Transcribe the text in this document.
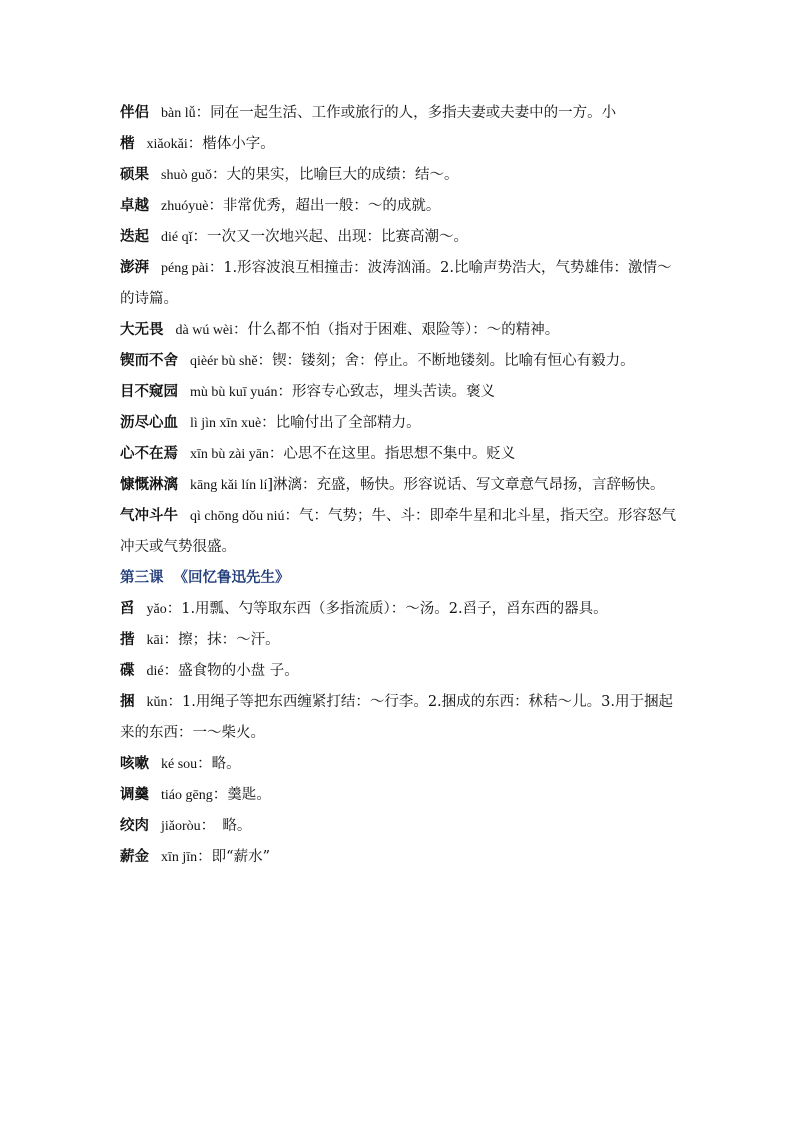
伴侣 bàn lǚ：同在一起生活、工作或旅行的人，多指夫妻或夫妻中的一方。小

楷 xiǎokǎi：楷体小字。

硕果 shuò guǒ：大的果实，比喻巨大的成绩：结～。

卓越 zhuóyuè：非常优秀，超出一般：～的成就。

迭起 dié qǐ：一次又一次地兴起、出现：比赛高潮～。

澎湃 péng pài：1.形容波浪互相撞击：波涛汹涌。2.比喻声势浩大，气势雄伟：激情～的诗篇。

大无畏 dà wú wèi：什么都不怕（指对于困难、艰险等）：～的精神。

锲而不舍 qièér bù shě：锲：镂刻；舍：停止。不断地镂刻。比喻有恒心有毅力。

目不窥园 mù bù kuī yuán：形容专心致志，埋头苦读。褒义

沥尽心血 lì jìn xīn xuè：比喻付出了全部精力。

心不在焉 xīn bù zài yān：心思不在这里。指思想不集中。贬义

慷慨淋漓 kāng kǎi lín lí]淋漓：充盛，畅快。形容说话、写文章意气昂扬，言辞畅快。

气冲斗牛 qì chōng dǒu niú：气：气势；牛、斗：即牵牛星和北斗星，指天空。形容怒气冲天或气势很盛。

第三课 《回忆鲁迅先生》

舀 yǎo：1.用瓢、勺等取东西（多指流质）：～汤。2.舀子，舀东西的器具。

揩 kāi：擦；抹：～汗。

碟 dié：盛食物的小盘 子。

捆 kǔn：1.用绳子等把东西缠紧打结：～行李。2.捆成的东西：秫秸～儿。3.用于捆起来的东西：一～柴火。

咳嗽 ké sou：略。

调羹 tiáo gēng：羹匙。

绞肉 jiǎoròu：　略。

薪金 xīn jīn：即“薪水”
